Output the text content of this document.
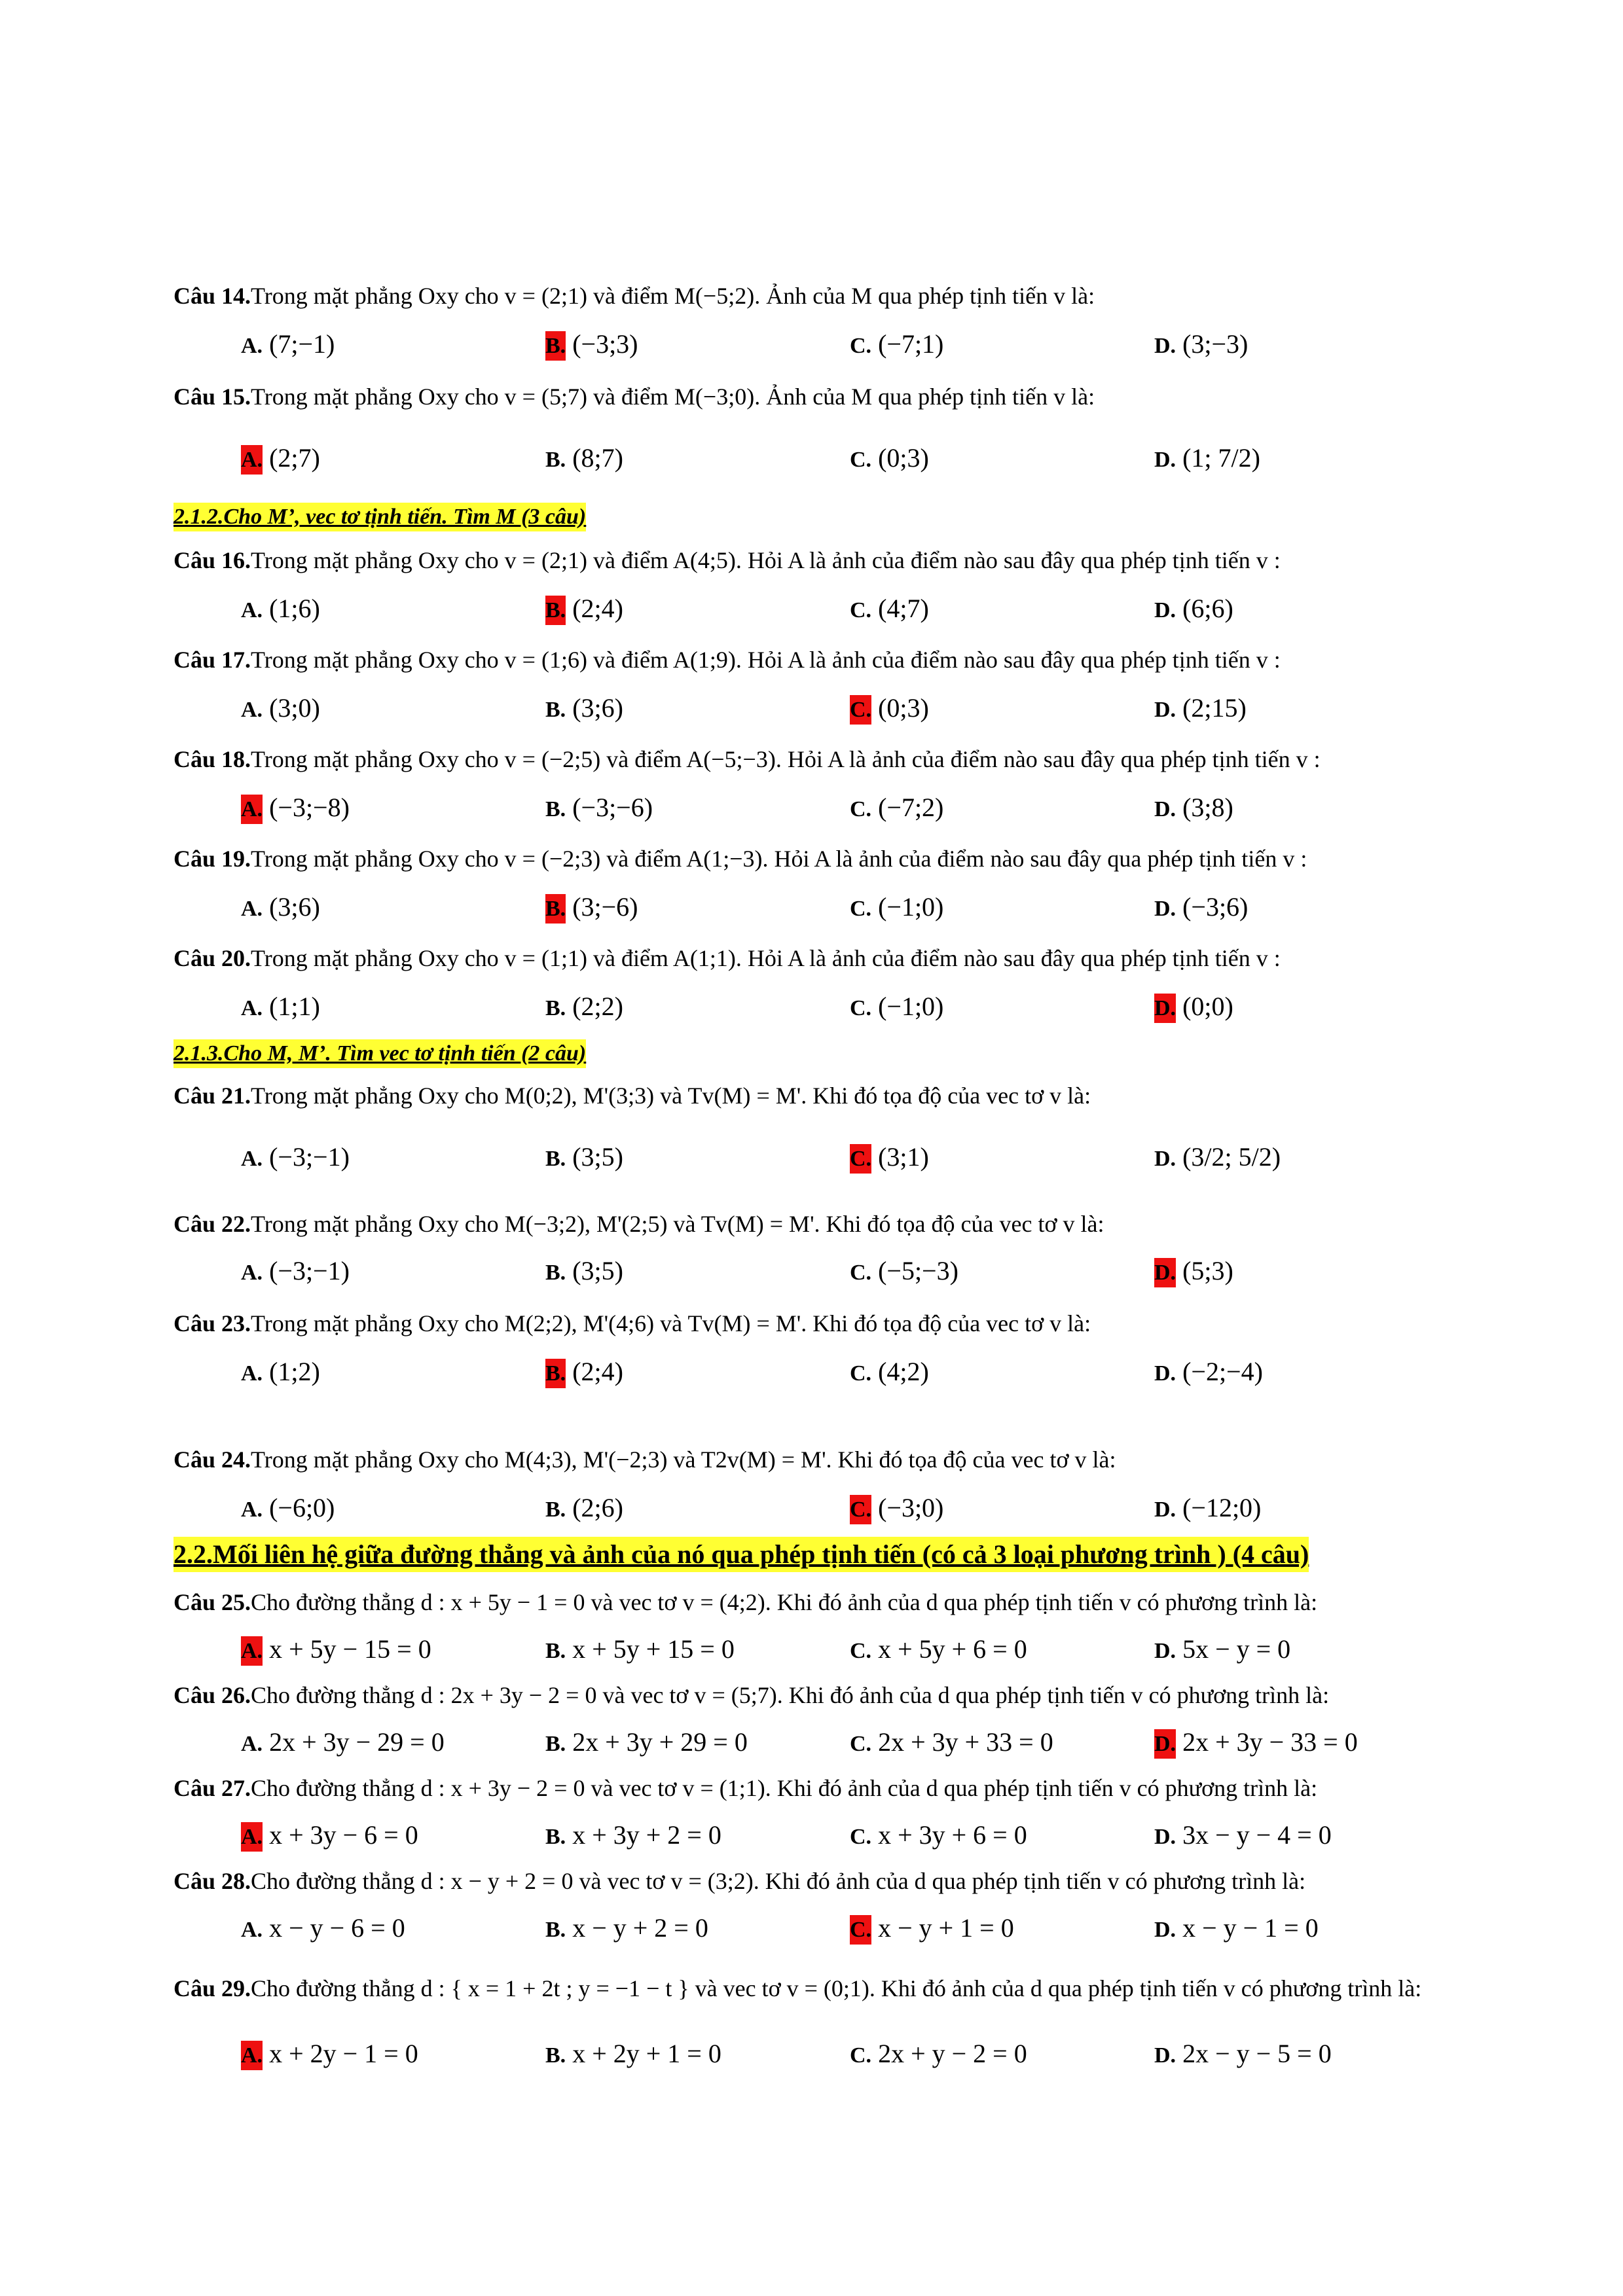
Câu 14.Trong mặt phẳng Oxy cho v = (2;1) và điểm M(−5;2). Ảnh của M qua phép tịnh tiến v là:
A. (7;−1)	B. (−3;3)	C. (−7;1)	D. (3;−3)
Câu 15.Trong mặt phẳng Oxy cho v = (5;7) và điểm M(−3;0). Ảnh của M qua phép tịnh tiến v là:
A. (2;7)	B. (8;7)	C. (0;3)	D. (1; 7/2)
2.1.2.Cho M’, vec tơ tịnh tiến. Tìm M (3 câu)
Câu 16.Trong mặt phẳng Oxy cho v = (2;1) và điểm A(4;5). Hỏi A là ảnh của điểm nào sau đây qua phép tịnh tiến v :
A. (1;6)	B. (2;4)	C. (4;7)	D. (6;6)
Câu 17.Trong mặt phẳng Oxy cho v = (1;6) và điểm A(1;9). Hỏi A là ảnh của điểm nào sau đây qua phép tịnh tiến v :
A. (3;0)	B. (3;6)	C. (0;3)	D. (2;15)
Câu 18.Trong mặt phẳng Oxy cho v = (−2;5) và điểm A(−5;−3). Hỏi A là ảnh của điểm nào sau đây qua phép tịnh tiến v :
A. (−3;−8)	B. (−3;−6)	C. (−7;2)	D. (3;8)
Câu 19.Trong mặt phẳng Oxy cho v = (−2;3) và điểm A(1;−3). Hỏi A là ảnh của điểm nào sau đây qua phép tịnh tiến v :
A. (3;6)	B. (3;−6)	C. (−1;0)	D. (−3;6)
Câu 20.Trong mặt phẳng Oxy cho v = (1;1) và điểm A(1;1). Hỏi A là ảnh của điểm nào sau đây qua phép tịnh tiến v :
A. (1;1)	B. (2;2)	C. (−1;0)	D. (0;0)
2.1.3.Cho M, M’. Tìm vec tơ tịnh tiến (2 câu)
Câu 21.Trong mặt phẳng Oxy cho M(0;2), M'(3;3) và Tv(M) = M'. Khi đó tọa độ của vec tơ v là:
A. (−3;−1)	B. (3;5)	C. (3;1)	D. (3/2; 5/2)
Câu 22.Trong mặt phẳng Oxy cho M(−3;2), M'(2;5) và Tv(M) = M'. Khi đó tọa độ của vec tơ v là:
A. (−3;−1)	B. (3;5)	C. (−5;−3)	D. (5;3)
Câu 23.Trong mặt phẳng Oxy cho M(2;2), M'(4;6) và Tv(M) = M'. Khi đó tọa độ của vec tơ v là:
A. (1;2)	B. (2;4)	C. (4;2)	D. (−2;−4)
Câu 24.Trong mặt phẳng Oxy cho M(4;3), M'(−2;3) và T2v(M) = M'. Khi đó tọa độ của vec tơ v là:
A. (−6;0)	B. (2;6)	C. (−3;0)	D. (−12;0)
2.2.Mối liên hệ giữa đường thẳng và ảnh của nó qua phép tịnh tiến (có cả 3 loại phương trình ) (4 câu)
Câu 25.Cho đường thẳng d : x + 5y − 1 = 0 và vec tơ v = (4;2). Khi đó ảnh của d qua phép tịnh tiến v có phương trình là:
A. x + 5y − 15 = 0	B. x + 5y + 15 = 0	C. x + 5y + 6 = 0	D. 5x − y = 0
Câu 26.Cho đường thẳng d : 2x + 3y − 2 = 0 và vec tơ v = (5;7). Khi đó ảnh của d qua phép tịnh tiến v có phương trình là:
A. 2x + 3y − 29 = 0	B. 2x + 3y + 29 = 0	C. 2x + 3y + 33 = 0	D. 2x + 3y − 33 = 0
Câu 27.Cho đường thẳng d : x + 3y − 2 = 0 và vec tơ v = (1;1). Khi đó ảnh của d qua phép tịnh tiến v có phương trình là:
A. x + 3y − 6 = 0	B. x + 3y + 2 = 0	C. x + 3y + 6 = 0	D. 3x − y − 4 = 0
Câu 28.Cho đường thẳng d : x − y + 2 = 0 và vec tơ v = (3;2). Khi đó ảnh của d qua phép tịnh tiến v có phương trình là:
A. x − y − 6 = 0	B. x − y + 2 = 0	C. x − y + 1 = 0	D. x − y − 1 = 0
Câu 29.Cho đường thẳng d : { x = 1 + 2t ; y = −1 − t } và vec tơ v = (0;1). Khi đó ảnh của d qua phép tịnh tiến v có phương trình là:
A. x + 2y − 1 = 0	B. x + 2y + 1 = 0	C. 2x + y − 2 = 0	D. 2x − y − 5 = 0
